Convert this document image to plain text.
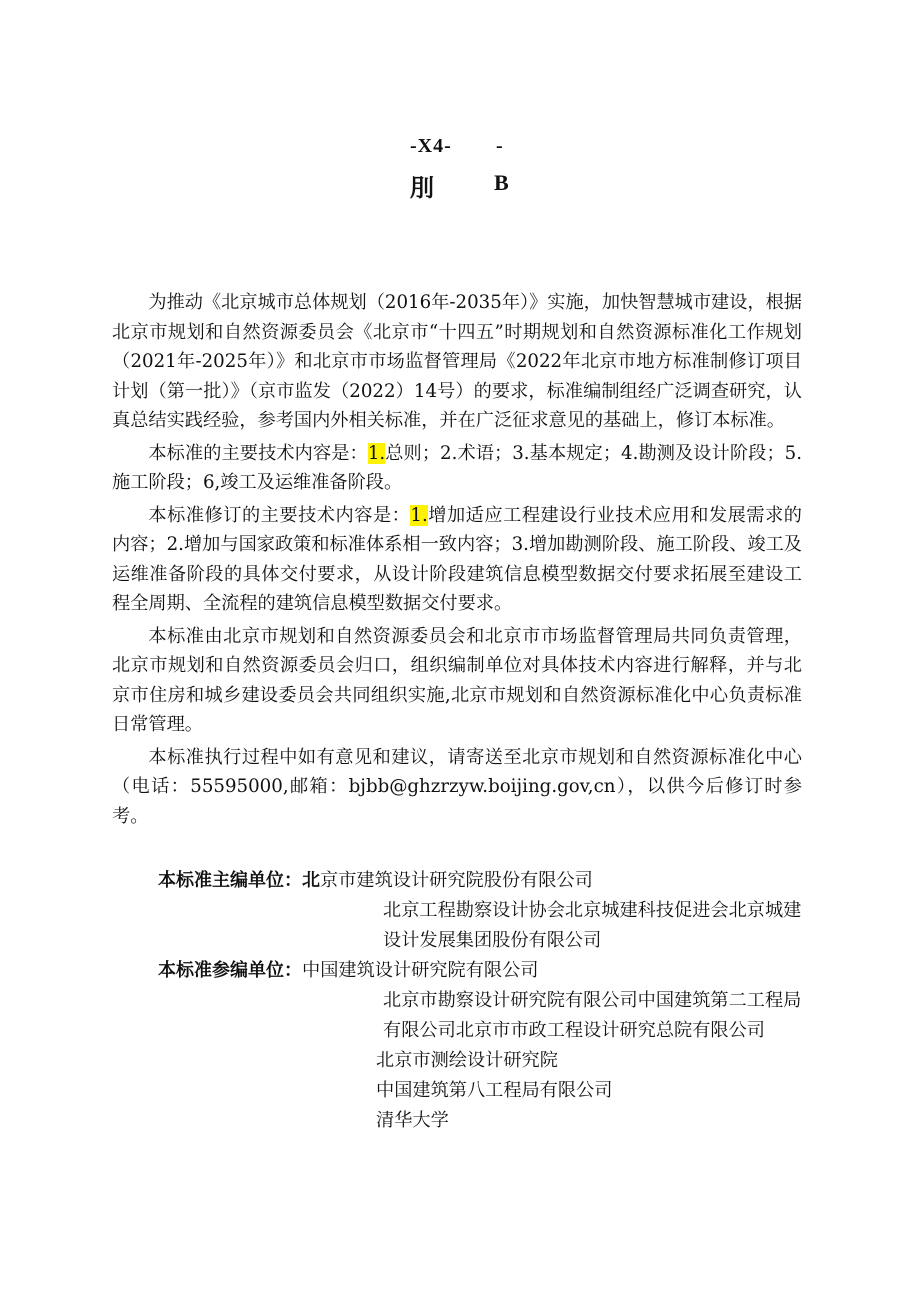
-X4- -
刖	B

为推动《北京城市总体规划（2016年-2035年）》实施，加快智慧城市建设，根据北京市规划和自然资源委员会《北京市“十四五”时期规划和自然资源标准化工作规划（2021年-2025年）》和北京市市场监督管理局《2022年北京市地方标准制修订项目计划（第一批）》（京市监发（2022）14号）的要求，标准编制组经广泛调查研究，认真总结实践经验，参考国内外相关标准，并在广泛征求意见的基础上，修订本标准。

本标准的主要技术内容是：1.总则；2.术语；3.基本规定；4.勘测及设计阶段；5.施工阶段；6,竣工及运维准备阶段。

本标准修订的主要技术内容是：1.增加适应工程建设行业技术应用和发展需求的内容；2.增加与国家政策和标准体系相一致内容；3.增加勘测阶段、施工阶段、竣工及运维准备阶段的具体交付要求，从设计阶段建筑信息模型数据交付要求拓展至建设工程全周期、全流程的建筑信息模型数据交付要求。

本标准由北京市规划和自然资源委员会和北京市市场监督管理局共同负责管理，北京市规划和自然资源委员会归口，组织编制单位对具体技术内容进行解释，并与北京市住房和城乡建设委员会共同组织实施,北京市规划和自然资源标准化中心负责标准日常管理。

本标准执行过程中如有意见和建议，请寄送至北京市规划和自然资源标准化中心（电话：55595000,邮箱：bjbb@ghzrzyw.boijing.gov,cn），以供今后修订时参考。

本标准主编单位：北京市建筑设计研究院股份有限公司
北京工程勘察设计协会北京城建科技促进会北京城建设计发展集团股份有限公司
本标准参编单位：中国建筑设计研究院有限公司
北京市勘察设计研究院有限公司中国建筑第二工程局有限公司北京市市政工程设计研究总院有限公司
北京市测绘设计研究院
中国建筑第八工程局有限公司
清华大学
